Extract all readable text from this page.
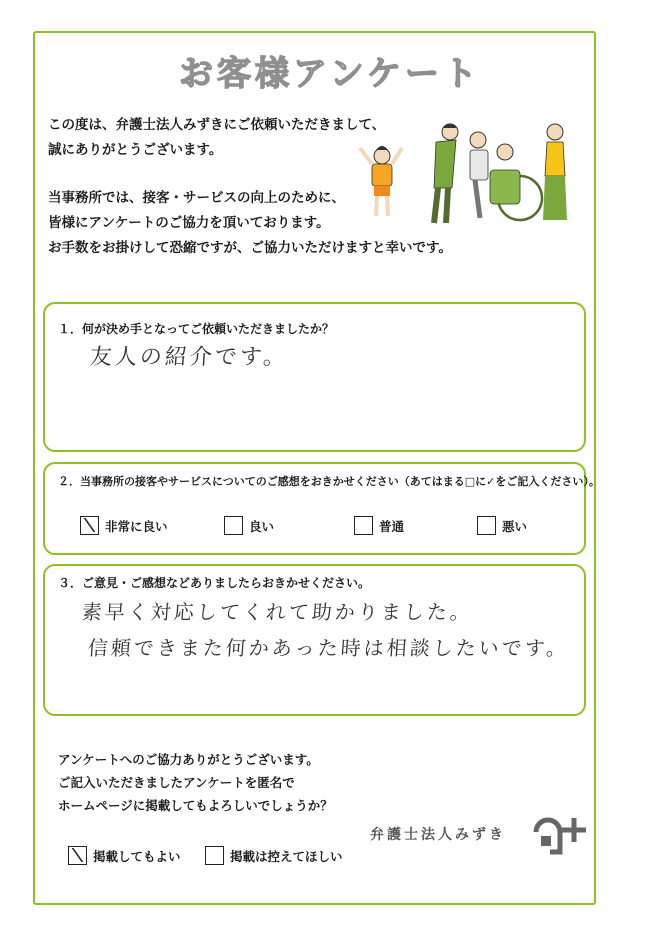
お客様アンケート
この度は、弁護士法人みずきにご依頼いただきまして、
誠にありがとうございます。
当事務所では、接客・サービスの向上のために、
皆様にアンケートのご協力を頂いております。
お手数をお掛けして恐縮ですが、ご協力いただけますと幸いです。
１．何が決め手となってご依頼いただきましたか？
友人の紹介です。
２．当事務所の接客やサービスについてのご感想をおきかせください（あてはまる□に✓をご記入ください）。
非常に良い	良い	普通	悪い
３．ご意見・ご感想などありましたらおきかせください。
素早く対応してくれて助かりました。
信頼できまた何かあった時は相談したいです。
アンケートへのご協力ありがとうございます。
ご記入いただきましたアンケートを匿名で
ホームページに掲載してもよろしいでしょうか？
掲載してもよい	掲載は控えてほしい
弁護士法人みずき
